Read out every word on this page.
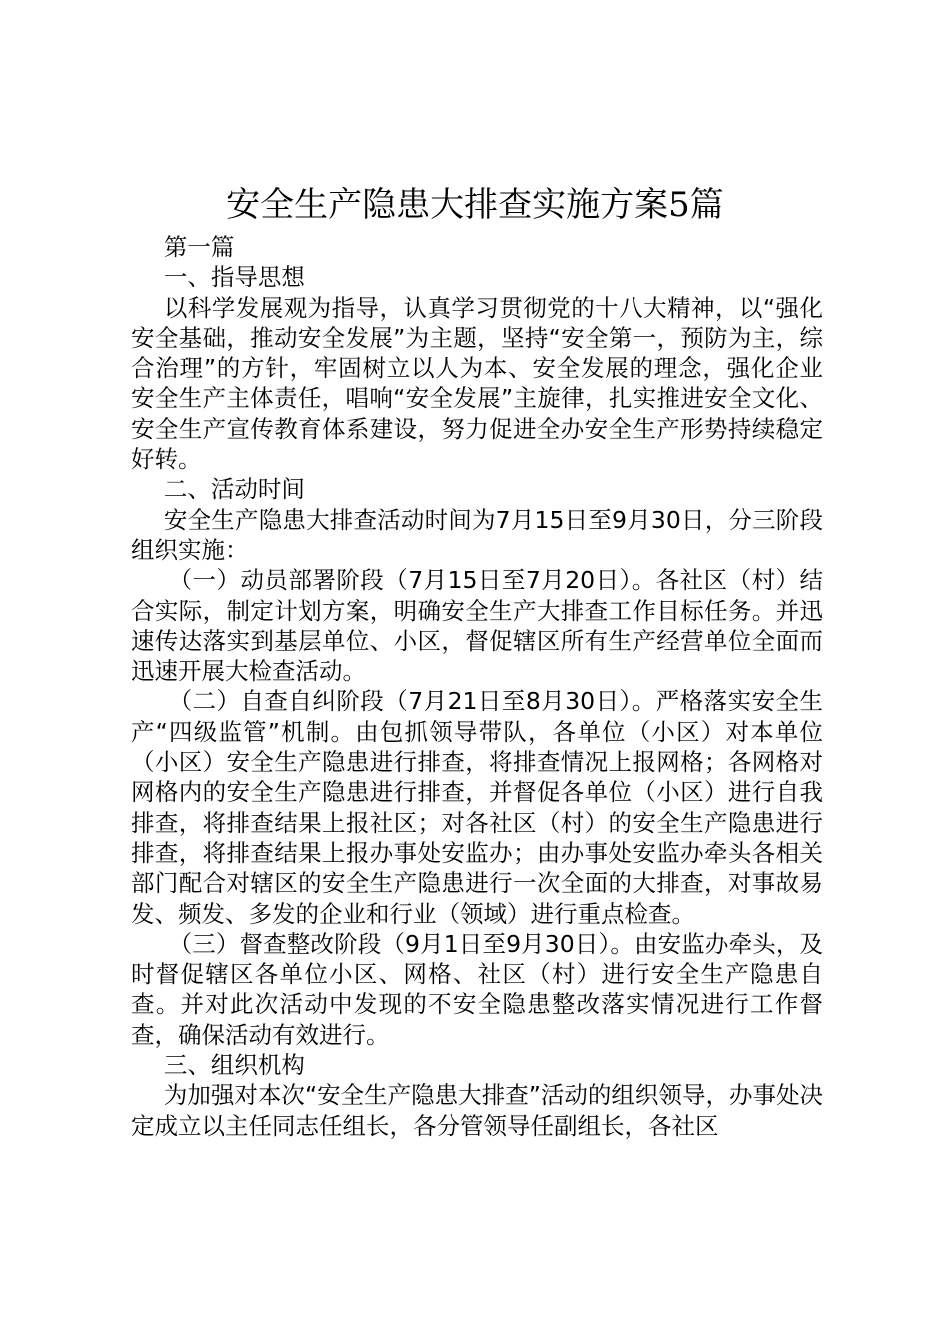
安全生产隐患大排查实施方案5篇

第一篇

一、指导思想

以科学发展观为指导，认真学习贯彻党的十八大精神，以“强化安全基础，推动安全发展”为主题，坚持“安全第一，预防为主，综合治理”的方针，牢固树立以人为本、安全发展的理念，强化企业安全生产主体责任，唱响“安全发展”主旋律，扎实推进安全文化、安全生产宣传教育体系建设，努力促进全办安全生产形势持续稳定好转。

二、活动时间

安全生产隐患大排查活动时间为7月15日至9月30日，分三阶段组织实施：

（一）动员部署阶段（7月15日至7月20日）。各社区（村）结合实际，制定计划方案，明确安全生产大排查工作目标任务。并迅速传达落实到基层单位、小区，督促辖区所有生产经营单位全面而迅速开展大检查活动。

（二）自查自纠阶段（7月21日至8月30日）。严格落实安全生产“四级监管”机制。由包抓领导带队，各单位（小区）对本单位（小区）安全生产隐患进行排查，将排查情况上报网格；各网格对网格内的安全生产隐患进行排查，并督促各单位（小区）进行自我排查，将排查结果上报社区；对各社区（村）的安全生产隐患进行排查，将排查结果上报办事处安监办；由办事处安监办牵头各相关部门配合对辖区的安全生产隐患进行一次全面的大排查，对事故易发、频发、多发的企业和行业（领域）进行重点检查。

（三）督查整改阶段（9月1日至9月30日）。由安监办牵头，及时督促辖区各单位小区、网格、社区（村）进行安全生产隐患自查。并对此次活动中发现的不安全隐患整改落实情况进行工作督查，确保活动有效进行。

三、组织机构

为加强对本次“安全生产隐患大排查”活动的组织领导，办事处决定成立以主任同志任组长，各分管领导任副组长，各社区
